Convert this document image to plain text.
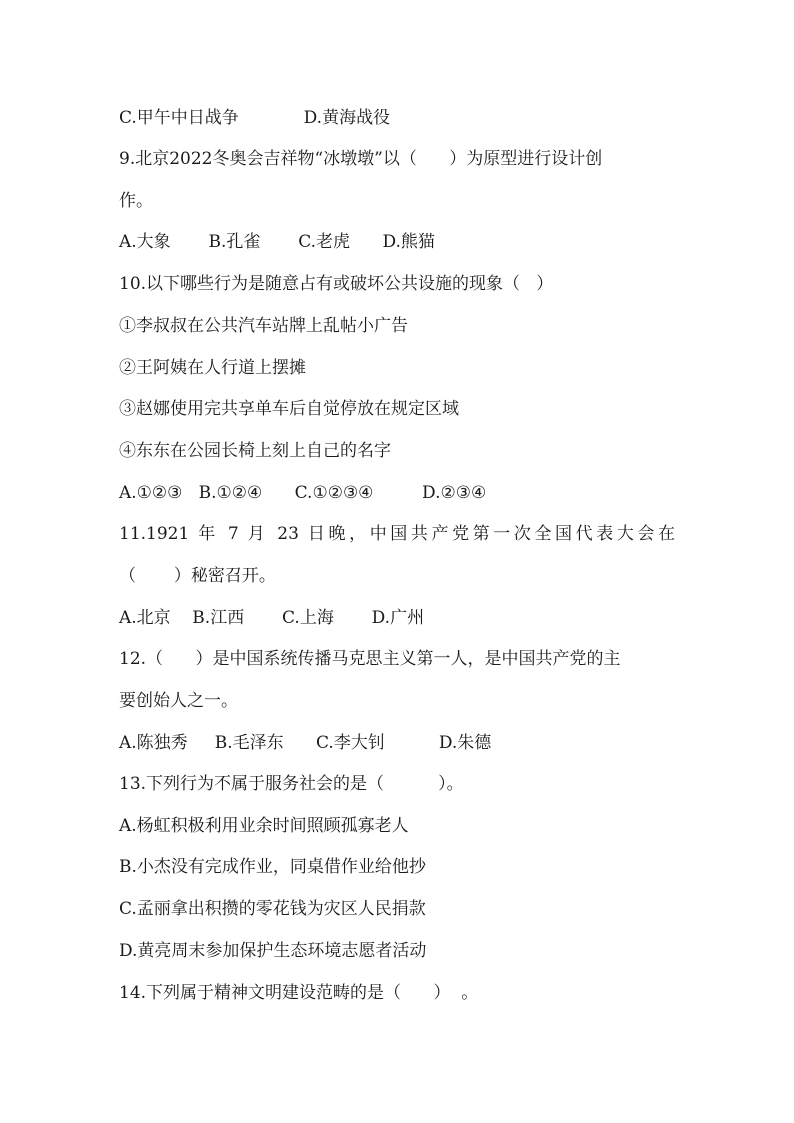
C.甲午中日战争            D.黄海战役
9.北京2022冬奥会吉祥物“冰墩墩”以（      ）为原型进行设计创
作。
A.大象       B.孔雀       C.老虎      D.熊猫
10.以下哪些行为是随意占有或破坏公共设施的现象（   ）
①李叔叔在公共汽车站牌上乱帖小广告
②王阿姨在人行道上摆摊
③赵娜使用完共享单车后自觉停放在规定区域
④东东在公园长椅上刻上自己的名字
A.①②③   B.①②④      C.①②③④         D.②③④
11.1921 年 7 月 23 日晚，中国共产党第一次全国代表大会在
（       ）秘密召开。
A.北京    B.江西       C.上海       D.广州
12.（      ）是中国系统传播马克思主义第一人，是中国共产党的主
要创始人之一。
A.陈独秀     B.毛泽东      C.李大钊          D.朱德
13.下列行为不属于服务社会的是（          ）。
A.杨虹积极利用业余时间照顾孤寡老人
B.小杰没有完成作业，同桌借作业给他抄
C.孟丽拿出积攒的零花钱为灾区人民捐款
D.黄亮周末参加保护生态环境志愿者活动
14.下列属于精神文明建设范畴的是（      ）  。
